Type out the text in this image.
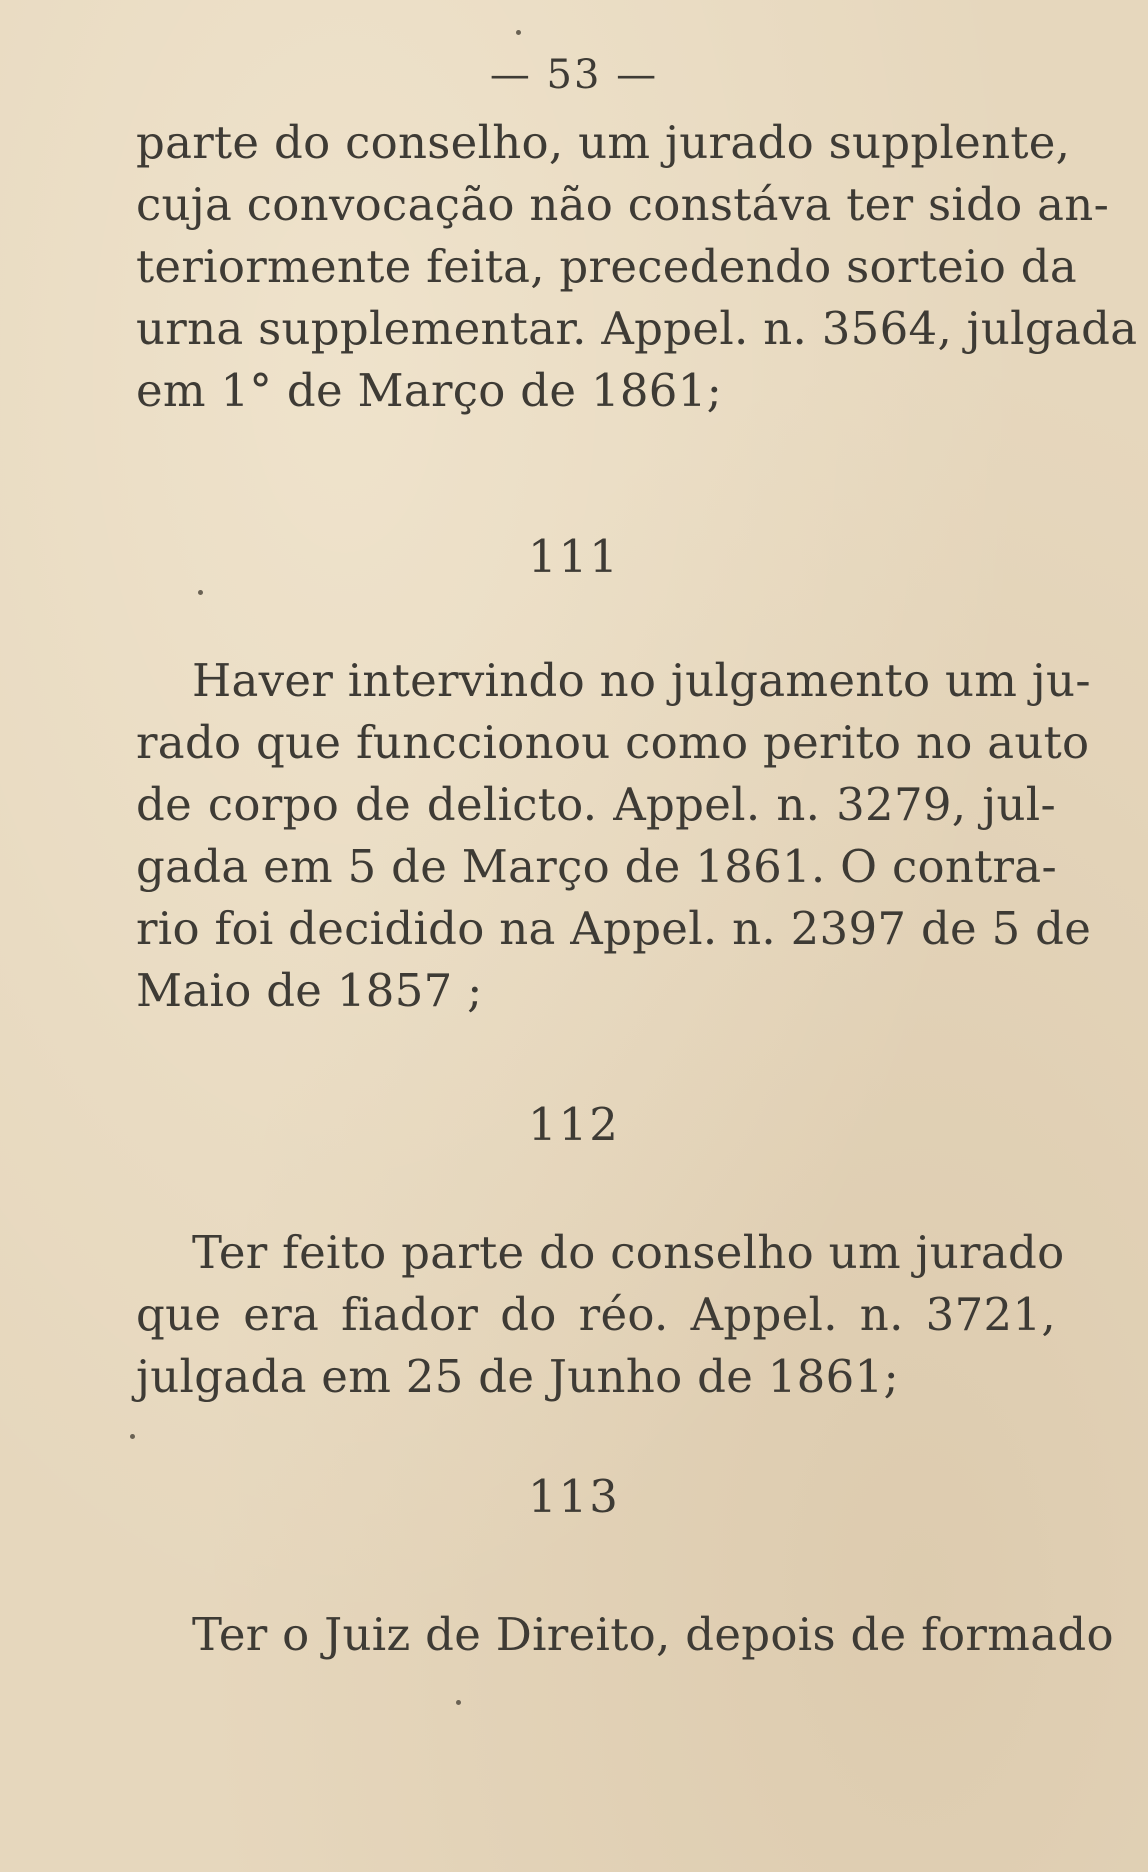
— 53 —
parte do conselho, um jurado supplente,
cuja convocação não constáva ter sido an-
teriormente feita, precedendo sorteio da
urna supplementar. Appel. n. 3564, julgada
em 1° de Março de 1861;
111
Haver intervindo no julgamento um ju-
rado que funccionou como perito no auto
de corpo de delicto. Appel. n. 3279, jul-
gada em 5 de Março de 1861. O contra-
rio foi decidido na Appel. n. 2397 de 5 de
Maio de 1857 ;
112
Ter feito parte do conselho um jurado
que era fiador do réo. Appel. n. 3721,
julgada em 25 de Junho de 1861;
113
Ter o Juiz de Direito, depois de formado
